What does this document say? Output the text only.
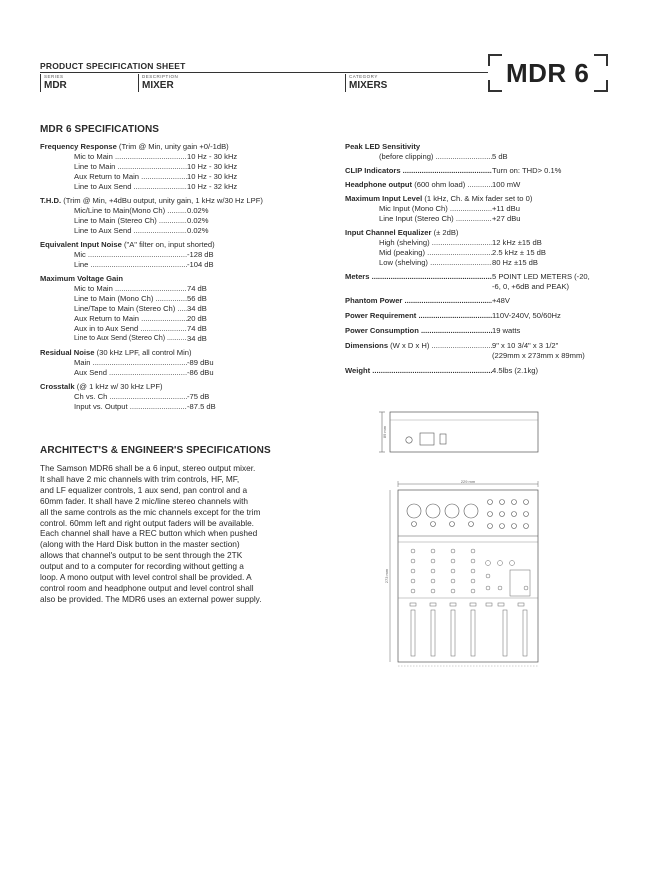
PRODUCT SPECIFICATION SHEET
SERIES
MDR
DESCRIPTION
MIXER
CATEGORY
MIXERS	MDR 6
MDR 6 SPECIFICATIONS
Frequency Response (Trim @ Min, unity gain +0/-1dB)
Mic to Main .....	10 Hz - 30 kHz
Line to Main .....	10 Hz - 30 kHz
Aux Return to Main .....	10 Hz - 30 kHz
Line to Aux Send .....	10 Hz - 32 kHz
T.H.D. (Trim @ Min, +4dBu output, unity gain, 1 kHz w/30 Hz LPF)
Mic/Line to Main(Mono Ch) .....	0.02%
Line to Main (Stereo Ch) .....	0.02%
Line to Aux Send .....	0.02%
Equivalent Input Noise ("A" filter on, input shorted)
Mic .....	-128 dB
Line .....	-104 dB
Maximum Voltage Gain
Mic to Main .....	74 dB
Line to Main (Mono Ch) .....	56 dB
Line/Tape to Main (Stereo Ch) .....	34 dB
Aux Return to Main .....	20 dB
Aux in to Aux Send .....	74 dB
Line to Aux Send (Stereo Ch) .....	34 dB
Residual Noise (30 kHz LPF, all control Min)
Main .....	-89 dBu
Aux Send .....	-86 dBu
Crosstalk (@ 1 kHz w/ 30 kHz LPF)
Ch vs. Ch .....	-75 dB
Input vs. Output .....	-87.5 dB
Peak LED Sensitivity
(before clipping) .....	5 dB
CLIP Indicators .....	Turn on: THD> 0.1%
Headphone output (600 ohm load) .....	100 mW
Maximum Input Level (1 kHz, Ch. & Mix fader set to 0)
Mic Input (Mono Ch) .....	+11 dBu
Line Input (Stereo Ch) .....	+27 dBu
Input Channel Equalizer (± 2dB)
High (shelving) .....	12 kHz ±15 dB
Mid (peaking) .....	2.5 kHz ± 15 dB
Low (shelving) .....	80 Hz ±15 dB
Meters .....	5 POINT LED METERS (-20,
-6, 0, +6dB and PEAK)
Phantom Power .....	+48V
Power Requirement .....	110V-240V, 50/60Hz
Power Consumption .....	19 watts
Dimensions (W x D x H) .....	9" x 10 3/4" x 3 1/2"
(229mm x 273mm x 89mm)
Weight .....	4.5lbs (2.1kg)
ARCHITECT'S & ENGINEER'S SPECIFICATIONS
The Samson MDR6 shall be a 6 input, stereo output mixer.
It shall have 2 mic channels with trim controls, HF, MF,
and LF equalizer controls, 1 aux send, pan control and a
60mm fader. It shall have 2 mic/line stereo channels with
all the same controls as the mic channels except for the trim
control. 60mm left and right output faders will be available.
Each channel shall have a REC button which when pushed
(along with the Hard Disk button in the master section)
allows that channel's output to be sent through the 2TK
output and to a computer for recording without getting a
loop. A mono output with level control shall be provided. A
control room and headphone output and level control shall
also be provided. The MDR6 uses an external power supply.
89 mm
229 mm
273 mm
